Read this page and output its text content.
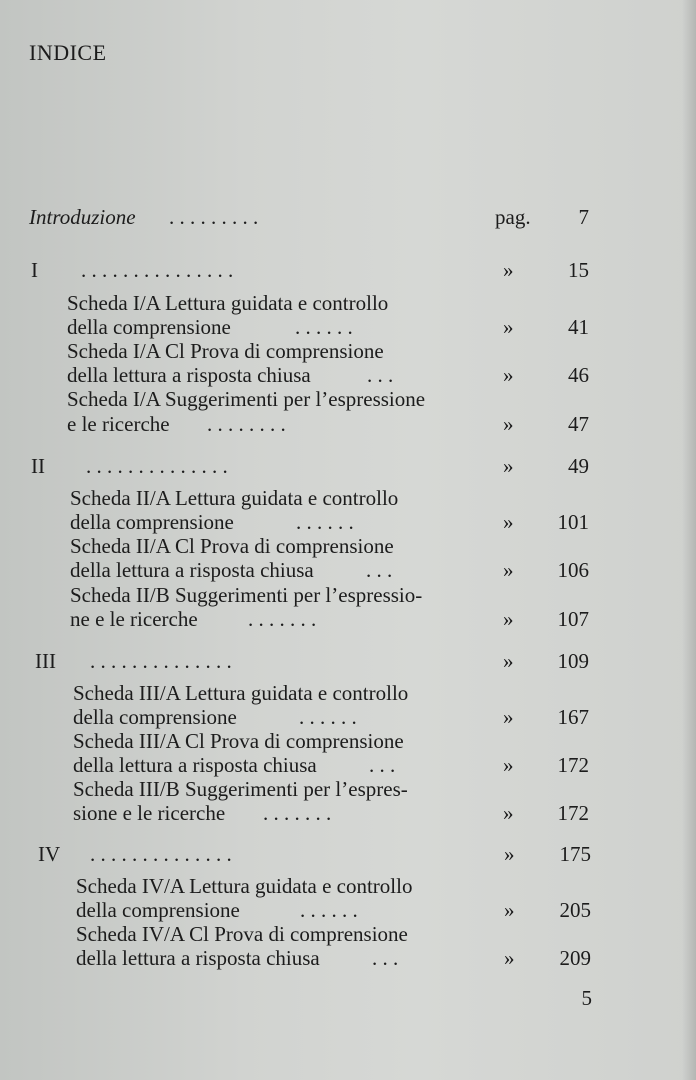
INDICE
Introduzione . . . . . . . . .	pag.	7
I . . . . . . . . . . . . . . .	»	15
Scheda I/A Lettura guidata e controllo
della comprensione	. . . . . .	»	41
Scheda I/A Cl Prova di comprensione
della lettura a risposta chiusa	. . .	»	46
Scheda I/A Suggerimenti per l’espressione
e le ricerche . . . . . . . .	»	47
II . . . . . . . . . . . . . .	»	49
Scheda II/A Lettura guidata e controllo
della comprensione	. . . . . .	»	101
Scheda II/A Cl Prova di comprensione
della lettura a risposta chiusa . . .	»	106
Scheda II/B Suggerimenti per l’espressio-
ne e le ricerche . . . . . . .	»	107
III . . . . . . . . . . . . . .	»	109
Scheda III/A Lettura guidata e controllo
della comprensione	. . . . . .	»	167
Scheda III/A Cl Prova di comprensione
della lettura a risposta chiusa . . .	»	172
Scheda III/B Suggerimenti per l’espres-
sione e le ricerche . . . . . . .	»	172
IV . . . . . . . . . . . . . .	»	175
Scheda IV/A Lettura guidata e controllo
della comprensione	. . . . . .	»	205
Scheda IV/A Cl Prova di comprensione
della lettura a risposta chiusa . . .	»	209
5
